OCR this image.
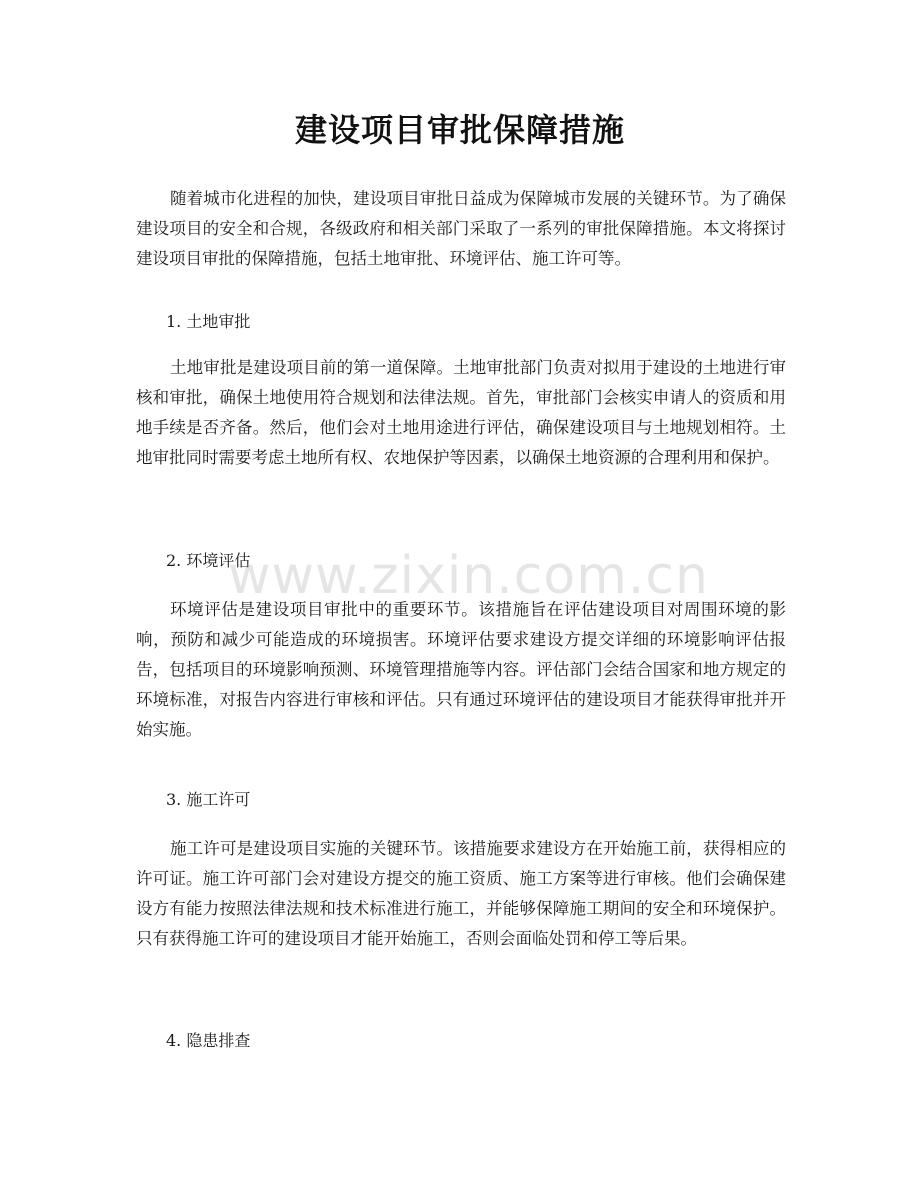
建设项目审批保障措施

随着城市化进程的加快，建设项目审批日益成为保障城市发展的关键环节。为了确保建设项目的安全和合规，各级政府和相关部门采取了一系列的审批保障措施。本文将探讨建设项目审批的保障措施，包括土地审批、环境评估、施工许可等。

1. 土地审批

土地审批是建设项目前的第一道保障。土地审批部门负责对拟用于建设的土地进行审核和审批，确保土地使用符合规划和法律法规。首先，审批部门会核实申请人的资质和用地手续是否齐备。然后，他们会对土地用途进行评估，确保建设项目与土地规划相符。土地审批同时需要考虑土地所有权、农地保护等因素，以确保土地资源的合理利用和保护。

2. 环境评估

环境评估是建设项目审批中的重要环节。该措施旨在评估建设项目对周围环境的影响，预防和减少可能造成的环境损害。环境评估要求建设方提交详细的环境影响评估报告，包括项目的环境影响预测、环境管理措施等内容。评估部门会结合国家和地方规定的环境标准，对报告内容进行审核和评估。只有通过环境评估的建设项目才能获得审批并开始实施。

3. 施工许可

施工许可是建设项目实施的关键环节。该措施要求建设方在开始施工前，获得相应的许可证。施工许可部门会对建设方提交的施工资质、施工方案等进行审核。他们会确保建设方有能力按照法律法规和技术标准进行施工，并能够保障施工期间的安全和环境保护。只有获得施工许可的建设项目才能开始施工，否则会面临处罚和停工等后果。

4. 隐患排查

www.zixin.com.cn
